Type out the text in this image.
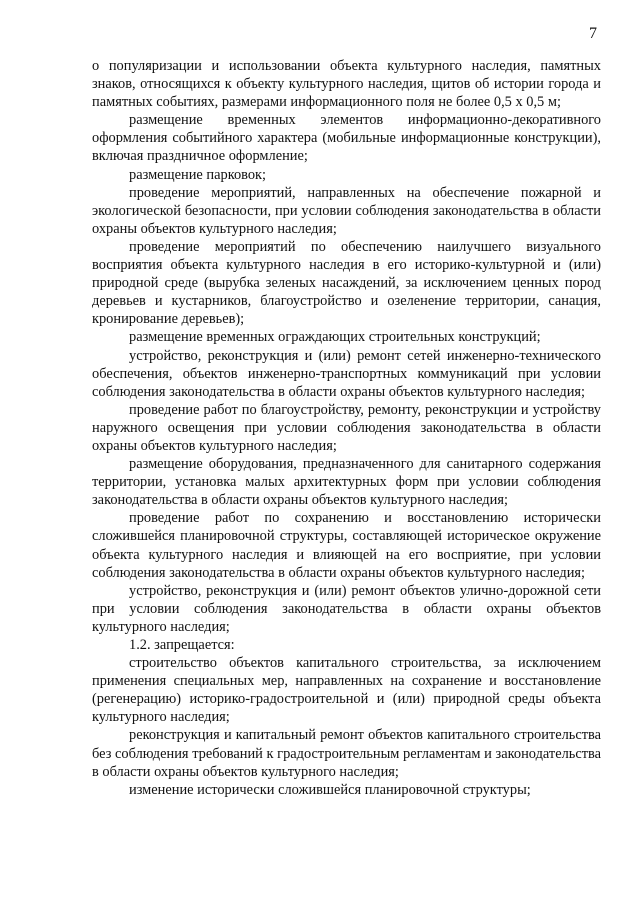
7

о популяризации и использовании объекта культурного наследия, памятных знаков, относящихся к объекту культурного наследия, щитов об истории города и памятных событиях, размерами информационного поля не более 0,5 х 0,5 м;

размещение временных элементов информационно-декоративного оформления событийного характера (мобильные информационные конструкции), включая праздничное оформление;

размещение парковок;

проведение мероприятий, направленных на обеспечение пожарной и экологической безопасности, при условии соблюдения законодательства в области охраны объектов культурного наследия;

проведение мероприятий по обеспечению наилучшего визуального восприятия объекта культурного наследия в его историко-культурной и (или) природной среде (вырубка зеленых насаждений, за исключением ценных пород деревьев и кустарников, благоустройство и озеленение территории, санация, кронирование деревьев);

размещение временных ограждающих строительных конструкций;

устройство, реконструкция и (или) ремонт сетей инженерно-технического обеспечения, объектов инженерно-транспортных коммуникаций при условии соблюдения законодательства в области охраны объектов культурного наследия;

проведение работ по благоустройству, ремонту, реконструкции и устройству наружного освещения при условии соблюдения законодательства в области охраны объектов культурного наследия;

размещение оборудования, предназначенного для санитарного содержания территории, установка малых архитектурных форм при условии соблюдения законодательства в области охраны объектов культурного наследия;

проведение работ по сохранению и восстановлению исторически сложившейся планировочной структуры, составляющей историческое окружение объекта культурного наследия и влияющей на его восприятие, при условии соблюдения законодательства в области охраны объектов культурного наследия;

устройство, реконструкция и (или) ремонт объектов улично-дорожной сети при условии соблюдения законодательства в области охраны объектов культурного наследия;

1.2. запрещается:

строительство объектов капитального строительства, за исключением применения специальных мер, направленных на сохранение и восстановление (регенерацию) историко-градостроительной и (или) природной среды объекта культурного наследия;

реконструкция и капитальный ремонт объектов капитального строительства без соблюдения требований к градостроительным регламентам и законодательства в области охраны объектов культурного наследия;

изменение исторически сложившейся планировочной структуры;
